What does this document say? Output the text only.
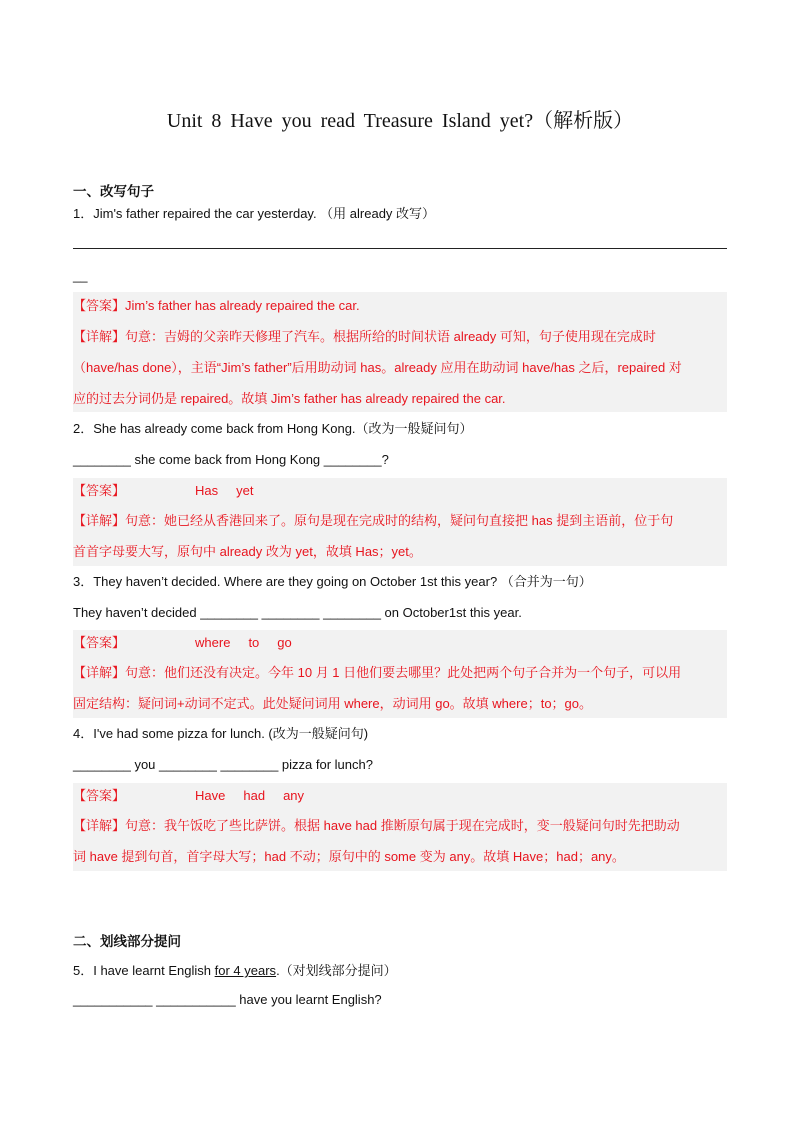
Unit 8 Have you read Treasure Island yet?（解析版）
一、改写句子
1．Jim's father repaired the car yesterday. （用 already 改写）
__
【答案】Jim’s father has already repaired the car.
【详解】句意：吉姆的父亲昨天修理了汽车。根据所给的时间状语 already 可知，句子使用现在完成时
（have/has done），主语“Jim’s father”后用助动词 has。already 应用在助动词 have/has 之后，repaired 对
应的过去分词仍是 repaired。故填 Jim’s father has already repaired the car.
2．She has already come back from Hong Kong.（改为一般疑问句）
________ she come back from Hong Kong ________?
【答案】	Has yet
【详解】句意：她已经从香港回来了。原句是现在完成时的结构，疑问句直接把 has 提到主语前，位于句
首首字母要大写，原句中 already 改为 yet，故填 Has；yet。
3．They haven’t decided. Where are they going on October 1st this year? （合并为一句）
They haven’t decided ________ ________ ________ on October1st this year.
【答案】	where to go
【详解】句意：他们还没有决定。今年 10 月 1 日他们要去哪里？此处把两个句子合并为一个句子，可以用
固定结构：疑问词+动词不定式。此处疑问词用 where，动词用 go。故填 where；to；go。
4．I've had some pizza for lunch. (改为一般疑问句)
________ you ________ ________ pizza for lunch?
【答案】	Have had any
【详解】句意：我午饭吃了些比萨饼。根据 have had 推断原句属于现在完成时，变一般疑问句时先把助动
词 have 提到句首，首字母大写；had 不动；原句中的 some 变为 any。故填 Have；had；any。
二、划线部分提问
5．I have learnt English for 4 years.（对划线部分提问）
___________ ___________ have you learnt English?
